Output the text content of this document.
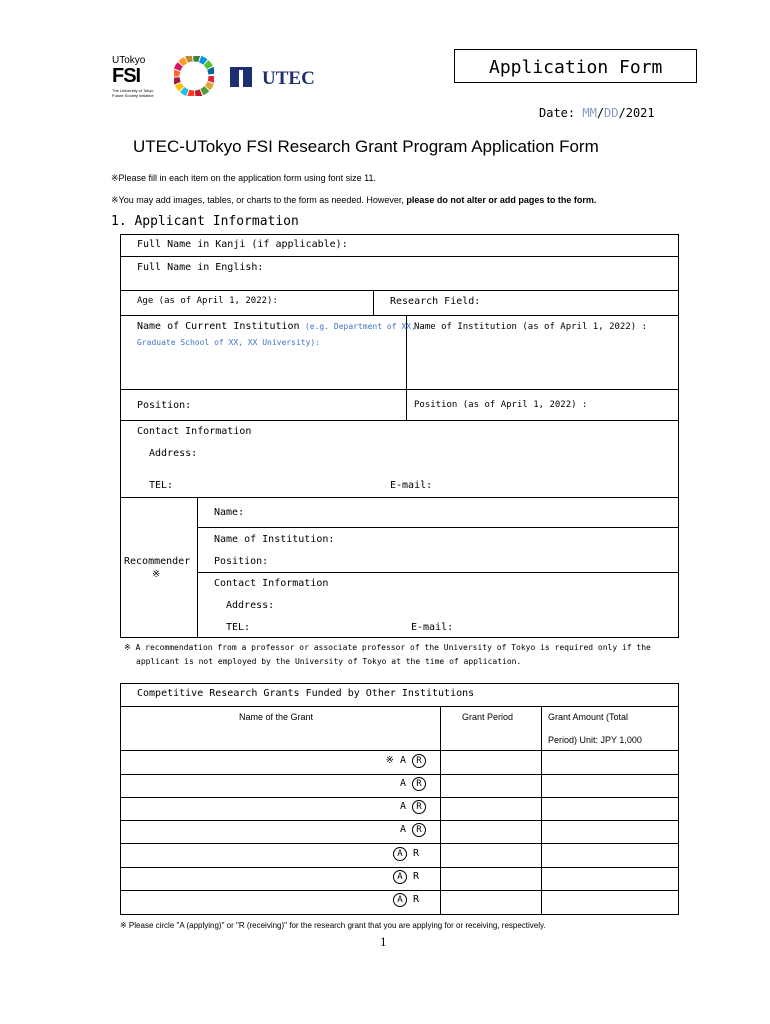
UTokyo
FSI
The University of Tokyo Future Society Initiative
UTEC
Application Form
Date: MM/DD/2021
UTEC-UTokyo FSI Research Grant Program Application Form
※Please fill in each item on the application form using font size 11.
※You may add images, tables, or charts to the form as needed. However, please do not alter or add pages to the form.
1. Applicant Information
Full Name in Kanji (if applicable):
Full Name in English:
Age (as of April 1, 2022):	Research Field:
Name of Current Institution (e.g. Department of XX,
Graduate School of XX, XX University):
Name of Institution (as of April 1, 2022) :
Position:	Position (as of April 1, 2022) :
Contact Information
Address:
TEL:	E-mail:
Recommender
※
Name:
Name of Institution:
Position:
Contact Information
Address:
TEL:	E-mail:
※ A recommendation from a professor or associate professor of the University of Tokyo is required only if the
applicant is not employed by the University of Tokyo at the time of application.
Competitive Research Grants Funded by Other Institutions
Name of the Grant	Grant Period	Grant Amount (Total
Period) Unit: JPY 1,000
※ A R
A R
A R
A R
A R
A R
A R
※ Please circle "A (applying)" or "R (receiving)" for the research grant that you are applying for or receiving, respectively.
1
